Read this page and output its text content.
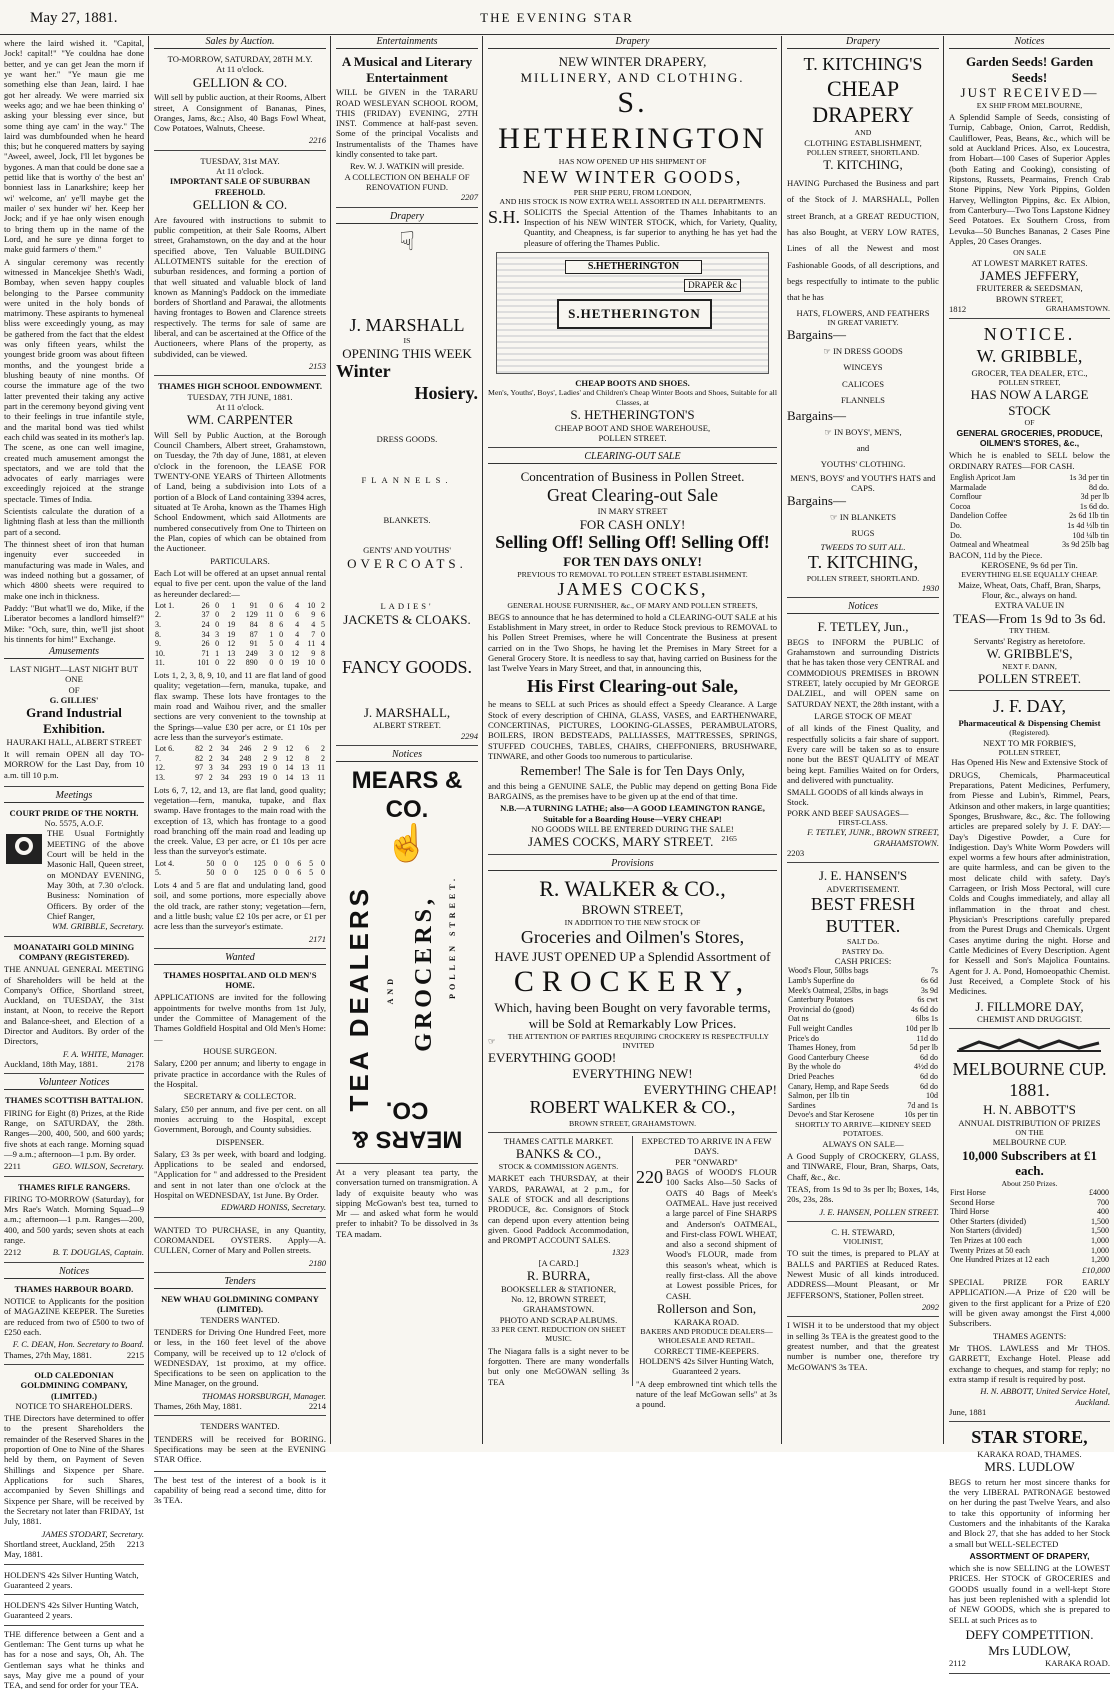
May 27, 1881.	THE EVENING STAR

where the laird wished it. "Capital, Jock! capital!" "Ye couldna hae done better, and ye can get Jean the morn if ye want her." "Ye maun gie me something else than Jean, laird. I hae got her already. We were married six weeks ago; and we hae been thinking o' asking your blessing ever since, but some thing aye cam' in the way." The laird was dumbfounded when he heard this; but he conquered matters by saying "Aweel, aweel, Jock, I'll let bygones be bygones. A man that could be done sae a pettid like that is worthy o' the best an' bonniest lass in Lanarkshire; keep her wi' welcome, an' ye'll maybe get the mailer o' sex hunder wi' her. Keep her Jock; and if ye hae only wisen enough to bring them up in the name of the Lord, and he sure ye dinna forget to make guid farmers o' them."

A singular ceremony was recently witnessed in Mancekjee Sheth's Wadi, Bombay, when seven happy couples belonging to the Parsee community were united in the holy bonds of matrimony. These aspirants to hymeneal bliss were exceedingly young, as may be gathered from the fact that the eldest was only fifteen years, whilst the youngest bride groom was about fifteen months, and the youngest bride a blushing beauty of nine months. Of course the immature age of the two latter prevented their taking any active part in the ceremony beyond giving vent to their feelings in true infantile style, and the marital bond was tied whilst each child was seated in its mother's lap. The scene, as one can well imagine, created much amusement amongst the spectators, and we are told that the advocates of early marriages were exceedingly rejoiced at the strange spectacle. Times of India.

Scientists calculate the duration of a lightning flash at less than the millionth part of a second.

The thinnest sheet of iron that human ingenuity ever succeeded in manufacturing was made in Wales, and was indeed nothing but a gossamer, of which 4800 sheets were required to make one inch in thickness.

Paddy: "But what'll we do, Mike, if the Liberator becomes a landlord himself?" Mike: "Och, sure, thin, we'll jist shoot his tinnents for him!" Exchange.

Amusements
LAST NIGHT—LAST NIGHT BUT ONE
OF
G. GILLIES'
Grand Industrial Exhibition.
HAURAKI HALL, ALBERT STREET
It will remain OPEN all day TO-MORROW for the Last Day, from 10 a.m. till 10 p.m.
Meetings
COURT PRIDE OF THE NORTH.
No. 5575, A.O.F.

THE Usual Fortnightly MEETING of the above Court will be held in the Masonic Hall, Queen street, on MONDAY EVENING, May 30th, at 7.30 o'clock. Business: Nomination of Officers. By order of the Chief Ranger,

WM. GRIBBLE, Secretary.
MOANATAIRI GOLD MINING COMPANY (REGISTERED).

THE ANNUAL GENERAL MEETING of Shareholders will be held at the Company's Office, Shortland street, Auckland, on TUESDAY, the 31st instant, at Noon, to receive the Report and Balance-sheet, and Election of a Director and Auditors. By order of the Directors,

F. A. WHITE, Manager.
Auckland, 18th May, 1881.	2178
Volunteer Notices
THAMES SCOTTISH BATTALION.

FIRING for Eight (8) Prizes, at the Ride Range, on SATURDAY, the 28th. Ranges—200, 400, 500, and 600 yards; five shots at each range. Morning squad—9 a.m.; afternoon—1 p.m. By order.

2211	GEO. WILSON, Secretary.
THAMES RIFLE RANGERS.

FIRING TO-MORROW (Saturday), for Mrs Rae's Watch. Morning Squad—9 a.m.; afternoon—1 p.m. Ranges—200, 400, and 500 yards; seven shots at each range.

2212	B. T. DOUGLAS, Captain.
Notices
THAMES HARBOUR BOARD.

NOTICE to Applicants for the position of MAGAZINE KEEPER. The Sureties are reduced from two of £500 to two of £250 each.

F. C. DEAN, Hon. Secretary to Board.
Thames, 27th May, 1881.	2215
OLD CALEDONIAN GOLDMINING COMPANY, (LIMITED.)
NOTICE TO SHAREHOLDERS.

THE Directors have determined to offer to the present Shareholders the remainder of the Reserved Shares in the proportion of One to Nine of the Shares held by them, on Payment of Seven Shillings and Sixpence per Share. Applications for such Shares, accompanied by Seven Shillings and Sixpence per Share, will be received by the Secretary not later than FRIDAY, 1st July, 1881.

JAMES STODART, Secretary.
Shortland street, Auckland, 25th May, 1881.
2213
HOLDEN'S 42s Silver Hunting Watch, Guaranteed 2 years.
HOLDEN'S 42s Silver Hunting Watch, Guaranteed 2 years.

THE difference between a Gent and a Gentleman: The Gent turns up what he has for a nose and says, Oh, Ah. The Gentleman says what he thinks and says, May give me a pound of your TEA, and send for order for your TEA.

Sales by Auction.
TO-MORROW, SATURDAY, 28TH M.Y.
At 11 o'clock.
GELLION & CO.

Will sell by public auction, at their Rooms, Albert street, A Consignment of Bananas, Pines, Oranges, Jams, &c.; Also, 40 Bags Fowl Wheat, Cow Potatoes, Walnuts, Cheese.

2216
TUESDAY, 31st MAY.
At 11 o'clock.
IMPORTANT SALE OF SUBURBAN FREEHOLD.
GELLION & CO.

Are favoured with instructions to submit to public competition, at their Sale Rooms, Albert street, Grahamstown, on the day and at the hour specified above, Ten Valuable BUILDING ALLOTMENTS suitable for the erection of suburban residences, and forming a portion of that well situated and valuable block of land known as Manning's Paddock on the immediate borders of Shortland and Parawai, the allotments having frontages to Bowen and Clarence streets respectively. The terms for sale of same are liberal, and can be ascertained at the Office of the Auctioneers, where Plans of the property, as subdivided, can be viewed.

2153
THAMES HIGH SCHOOL ENDOWMENT.
TUESDAY, 7TH JUNE, 1881.
At 11 o'clock.
WM. CARPENTER

Will Sell by Public Auction, at the Borough Council Chambers, Albert street, Grahamstown, on Tuesday, the 7th day of June, 1881, at eleven o'clock in the forenoon, the LEASE FOR TWENTY-ONE YEARS of Thirteen Allotments of Land, being a subdivision into Lots of a portion of a Block of Land containing 3394 acres, situated at Te Aroha, known as the Thames High School Endowment, which said Allotments are numbered consecutively from One to Thirteen on the Plan, copies of which can be obtained from the Auctioneer.

PARTICULARS.

Each Lot will be offered at an upset annual rental equal to five per cent. upon the value of the land as hereunder declared:—

Lot 1.	26	0	1	91	0	6	4	10	2
2.	37	0	2	129	11	0	6	9	6
3.	24	0	19	84	8	6	4	4	5
8.	34	3	19	87	1	0	4	7	0
9.	26	0	12	91	5	0	4	11	4
10.	71	1	13	249	3	0	12	9	8
11.	101	0	22	890	0	0	19	10	0

Lots 1, 2, 3, 8, 9, 10, and 11 are flat land of good quality; vegetation—fern, manuka, tupake, and flax swamp. These lots have frontages to the main road and Waihou river, and the smaller sections are very convenient to the township at the Springs—value £30 per acre, or £1 10s per acre less than the surveyor's estimate.

Lot 6.	82	2	34	246	2	9	12	6	2
7.	82	2	34	248	2	9	12	8	2
12.	97	3	34	293	19	0	14	13	11
13.	97	2	34	293	19	0	14	13	11

Lots 6, 7, 12, and 13, are flat land, good quality; vegetation—fern, manuka, tupake, and flax swamp. Have frontages to the main road with the exception of 13, which has frontage to a good road branching off the main road and leading up the creek. Value, £3 per acre, or £1 10s per acre less than the surveyor's estimate.

Lot 4.	50	0	0	125	0	0	6	5	0
5.	50	0	0	125	0	0	6	5	0

Lots 4 and 5 are flat and undulating land, good soil, and some portions, more especially above the old track, are rather stony; vegetation—fern, and a little bush; value £2 10s per acre, or £1 per acre less than the surveyor's estimate.

2171
Wanted
THAMES HOSPITAL AND OLD MEN'S HOME.

APPLICATIONS are invited for the following appointments for twelve months from 1st July, under the Committee of Management of the Thames Goldfield Hospital and Old Men's Home:—

HOUSE SURGEON.

Salary, £200 per annum; and liberty to engage in private practice in accordance with the Rules of the Hospital.

SECRETARY & COLLECTOR.

Salary, £50 per annum, and five per cent. on all monies accruing to the Hospital, except Government, Borough, and County subsidies.

DISPENSER.

Salary, £3 3s per week, with board and lodging. Applications to be sealed and endorsed, "Application for " and addressed to the President and sent in not later than one o'clock at the Hospital on WEDNESDAY, 1st June. By Order.

EDWARD HONISS, Secretary.

WANTED TO PURCHASE, in any Quantity, COROMANDEL OYSTERS. Apply—A. CULLEN, Corner of Mary and Pollen streets.

2180
Tenders
NEW WHAU GOLDMINING COMPANY (LIMITED).
TENDERS WANTED.

TENDERS for Driving One Hundred Feet, more or less, in the 160 feet level of the above Company, will be received up to 12 o'clock of WEDNESDAY, 1st proximo, at my office. Specifications to be seen on application to the Mine Manager, on the ground.

THOMAS HORSBURGH, Manager.
Thames, 26th May, 1881.	2214
TENDERS WANTED.

TENDERS will be received for BORING. Specifications may be seen at the EVENING STAR Office.

The best test of the interest of a book is it capability of being read a second time, ditto for 3s TEA.

Entertainments
A Musical and Literary Entertainment

WILL be GIVEN in the TARARU ROAD WESLEYAN SCHOOL ROOM, THIS (FRIDAY) EVENING, 27TH INST. Commence at half-past seven. Some of the principal Vocalists and Instrumentalists of the Thames have kindly consented to take part.

Rev. W. J. WATKIN will preside.
A COLLECTION ON BEHALF OF RENOVATION FUND.
2207
Drapery
☟
J. MARSHALL
IS
OPENING THIS WEEK
Winter
Hosiery.
DRESS GOODS.
FLANNELS.
BLANKETS.
GENTS' AND YOUTHS'
OVERCOATS.
LADIES'
JACKETS & CLOAKS.
FANCY GOODS.
J. MARSHALL,
ALBERT STREET.
2294
Notices
MEARS & CO.
☝
TEA DEALERS AND GROCERS, POLLEN STREET.
MEARS & CO.

At a very pleasant tea party, the conversation turned on transmigration. A lady of exquisite beauty who was sipping McGowan's best tea, turned to Mr — and asked what form he would prefer to inhabit? To be dissolved in 3s TEA madam.

Drapery
NEW WINTER DRAPERY,
MILLINERY, AND CLOTHING.
S. HETHERINGTON
HAS NOW OPENED UP HIS SHIPMENT OF
NEW WINTER GOODS,
PER SHIP PERU, FROM LONDON,
AND HIS STOCK IS NOW EXTRA WELL ASSORTED IN ALL DEPARTMENTS.
S.H. SOLICITS the Special Attention of the Thames Inhabitants to an Inspection of his NEW WINTER STOCK, which, for Variety, Quality, Quantity, and Cheapness, is far superior to anything he has yet had the pleasure of offering the Thames Public.
S.HETHERINGTON
DRAPER &c
S.HETHERINGTON
CHEAP BOOTS AND SHOES.
Men's, Youths', Boys', Ladies' and Children's Cheap Winter Boots and Shoes, Suitable for all Classes, at
S. HETHERINGTON'S
CHEAP BOOT AND SHOE WAREHOUSE,
POLLEN STREET.
CLEARING-OUT SALE
Concentration of Business in Pollen Street.
Great Clearing-out Sale
IN MARY STREET
FOR CASH ONLY!
Selling Off! Selling Off! Selling Off!
FOR TEN DAYS ONLY!
PREVIOUS TO REMOVAL TO POLLEN STREET ESTABLISHMENT.
JAMES COCKS,
GENERAL HOUSE FURNISHER, &c., OF MARY AND POLLEN STREETS,

BEGS to announce that he has determined to hold a CLEARING-OUT SALE at his Establishment in Mary street, in order to Reduce Stock previous to REMOVAL to his Pollen Street Premises, where he will Concentrate the Business at present carried on in the Two Shops, he having let the Premises in Mary Street for a General Grocery Store. It is needless to say that, having carried on Business for the last Twelve Years in Mary Street, and that, in announcing this,

His First Clearing-out Sale,

he means to SELL at such Prices as should effect a Speedy Clearance. A Large Stock of every description of CHINA, GLASS, VASES, and EARTHENWARE, CONCERTINAS, PICTURES, LOOKING-GLASSES, PERAMBULATORS, BOILERS, IRON BEDSTEADS, PALLIASSES, MATTRESSES, SPRINGS, STUFFED COUCHES, TABLES, CHAIRS, CHEFFONIERS, BRUSHWARE, TINWARE, and other Goods too numerous to particularise.

Remember! The Sale is for Ten Days Only,

and this being a GENUINE SALE, the Public may depend on getting Bona Fide BARGAINS, as the premises have to be given up at the end of that time.

N.B.—A TURNING LATHE; also—A GOOD LEAMINGTON RANGE, Suitable for a Boarding House—VERY CHEAP!
NO GOODS WILL BE ENTERED DURING THE SALE!
JAMES COCKS, MARY STREET. 2165
Provisions
R. WALKER & CO.,
BROWN STREET,
IN ADDITION TO THE NEW STOCK OF
Groceries and Oilmen's Stores,
HAVE JUST OPENED UP a Splendid Assortment of
CROCKERY,
Which, having been Bought on very favorable terms, will be Sold at Remarkably Low Prices.
☞	THE ATTENTION OF PARTIES REQUIRING CROCKERY IS RESPECTFULLY INVITED
EVERYTHING GOOD!
EVERYTHING NEW!
EVERYTHING CHEAP!
ROBERT WALKER & CO.,
BROWN STREET, GRAHAMSTOWN.
THAMES CATTLE MARKET.
BANKS & CO.,
STOCK & COMMISSION AGENTS.

MARKET each THURSDAY, at their YARDS, PARAWAI, at 2 p.m., for SALE of STOCK and all descriptions PRODUCE, &c. Consignors of Stock can depend upon every attention being given. Good Paddock Accommodation, and PROMPT ACCOUNT SALES.

1323
[A CARD.]
R. BURRA,
BOOKSELLER & STATIONER,
No. 12, BROWN STREET, GRAHAMSTOWN.
PHOTO AND SCRAP ALBUMS.
33 PER CENT. REDUCTION ON SHEET MUSIC.

The Niagara falls is a sight never to be forgotten. There are many wonderfalls but only one McGOWAN selling 3s TEA

EXPECTED TO ARRIVE IN A FEW DAYS.
PER "ONWARD"
220 BAGS of WOOD'S FLOUR 100 Sacks Also—50 Sacks of OATS 40 Bags of Meek's OATMEAL. Have just received a large parcel of Fine SHARPS and Anderson's OATMEAL, and First-class FOWL WHEAT, and also a second shipment of Wood's FLOUR, made from this season's wheat, which is really first-class. All the above at Lowest possible Prices, for CASH.

Rollerson and Son,
KARAKA ROAD.
BAKERS AND PRODUCE DEALERS—WHOLESALE AND RETAIL.
CORRECT TIME-KEEPERS.
HOLDEN'S 42s Silver Hunting Watch, Guaranteed 2 years.

"A deep embrowned tint which tells the nature of the leaf McGowan sells" at 3s a pound.

Drapery
T. KITCHING'S
CHEAP DRAPERY
AND
CLOTHING ESTABLISHMENT,
POLLEN STREET, SHORTLAND.
T. KITCHING,

HAVING Purchased the Business and part of the Stock of J. MARSHALL, Pollen street Branch, at a GREAT REDUCTION, has also Bought, at VERY LOW RATES, Lines of all the Newest and most Fashionable Goods, of all descriptions, and begs respectfully to intimate to the public that he has

HATS, FLOWERS, AND FEATHERS
IN GREAT VARIETY.
Bargains—
☞ IN DRESS GOODS
WINCEYS
CALICOES
FLANNELS
Bargains—
☞ IN BOYS', MEN'S,
and
YOUTHS' CLOTHING.
MEN'S, BOYS' and YOUTH'S HATS and CAPS.
Bargains—
☞ IN BLANKETS
RUGS
TWEEDS TO SUIT ALL.
T. KITCHING,
POLLEN STREET, SHORTLAND.
1930
Notices
F. TETLEY, Jun.,

BEGS to INFORM the PUBLIC of Grahamstown and surrounding Districts that he has taken those very CENTRAL and COMMODIOUS PREMISES in BROWN STREET, lately occupied by Mr GEORGE DALZIEL, and will OPEN same on SATURDAY NEXT, the 28th instant, with a

LARGE STOCK OF MEAT

of all kinds of the Finest Quality, and respectfully solicits a fair share of support. Every care will be taken so as to ensure none but the BEST QUALITY of MEAT being kept. Families Waited on for Orders, and delivered with punctuality.

SMALL GOODS of all kinds always in Stock.
PORK AND BEEF SAUSAGES—
FIRST-CLASS.
F. TETLEY, JUNR., BROWN STREET, GRAHAMSTOWN.
2203
J. E. HANSEN'S
ADVERTISEMENT.
BEST FRESH BUTTER.
SALT Do.
PASTRY Do.
CASH PRICES:
Wood's Flour, 50lbs bags	7s
Lamb's Superfine do	6s 6d
Meek's Oatmeal, 25lbs, in bags	3s 9d
Canterbury Potatoes	6s cwt
Provincial do (good)	4s 6d do
Oat ns	6lbs 1s
Full weight Candles	10d per lb
Price's do	11d do
Thames Honey, from	5d per lb
Good Canterbury Cheese	6d do
By the whole do	4½d do
Dried Peaches	6d do
Canary, Hemp, and Rape Seeds	6d do
Salmon, per 1lb tin	10d
Sardines	7d and 1s
Devoe's and Star Kerosene	10s per tin
SHORTLY TO ARRIVE—KIDNEY SEED POTATOES.
ALWAYS ON SALE—

A Good Supply of CROCKERY, GLASS, and TINWARE, Flour, Bran, Sharps, Oats, Chaff, &c., &c.

TEAS, from 1s 9d to 3s per lb; Boxes, 14s, 20s, 23s, 28s.

J. E. HANSEN, POLLEN STREET.
C. H. STEWARD,
VIOLINIST,

TO suit the times, is prepared to PLAY at BALLS and PARTIES at Reduced Rates. Newest Music of all kinds introduced. ADDRESS—Mount Pleasant, or Mr JEFFERSON'S, Stationer, Pollen street.

2092

I WISH it to be understood that my object in selling 3s TEA is the greatest good to the greatest number, and that the greatest number is number one, therefore try McGOWAN'S 3s TEA.

Notices
Garden Seeds! Garden Seeds!
JUST RECEIVED—
EX SHIP FROM MELBOURNE,

A Splendid Sample of Seeds, consisting of Turnip, Cabbage, Onion, Carrot, Reddish, Cauliflower, Peas, Beans, &c., which will be sold at Auckland Prices. Also, ex Loucestra, from Hobart—100 Cases of Superior Apples (both Eating and Cooking), consisting of Ripstons, Russets, Pearmains, French Crab Stone Pippins, New York Pippins, Golden Harvey, Wellington Pippins, &c. Ex Albion, from Canterbury—Two Tons Lapstone Kidney Seed Potatoes. Ex Southern Cross, from Levuka—50 Bunches Bananas, 2 Cases Pine Apples, 20 Cases Oranges.

ON SALE
AT LOWEST MARKET RATES.
JAMES JEFFERY,
FRUITERER & SEEDSMAN,
BROWN STREET,
1812	GRAHAMSTOWN.
NOTICE.
W. GRIBBLE,
GROCER, TEA DEALER, ETC.,
POLLEN STREET,
HAS NOW A LARGE STOCK
OF
GENERAL GROCERIES, PRODUCE, OILMEN'S STORES, &c.,

Which he is enabled to SELL below the ORDINARY RATES—FOR CASH.

English Apricot Jam	1s 3d per tin
Marmalade	8d do.
Cornflour	3d per lb
Cocoa	1s 6d do.
Dandelion Coffee	2s 6d 1lb tin
Do.	1s 4d ½lb tin
Do.	10d ¼lb tin
Oatmeal and Wheatmeal	3s 9d 25lb bag
BACON, 11d by the Piece.
KEROSENE, 9s 6d per Tin.
EVERYTHING ELSE EQUALLY CHEAP.
Maize, Wheat, Oats, Chaff, Bran, Sharps, Flour, &c., always on hand.
EXTRA VALUE IN
TEAS—From 1s 9d to 3s 6d.
TRY THEM.
Servants' Registry as heretofore.
W. GRIBBLE'S,
NEXT F. DANN,
POLLEN STREET.
J. F. DAY,
Pharmaceutical & Dispensing Chemist
(Registered).
NEXT TO MR FORBIE'S,
POLLEN STREET,
Has Opened His New and Extensive Stock of

DRUGS, Chemicals, Pharmaceutical Preparations, Patent Medicines, Perfumery, from Piesse and Lubin's, Rimmel, Pears, Atkinson and other makers, in large quantities; Sponges, Brushware, &c., &c. The following articles are prepared solely by J. F. DAY:— Day's Digestive Powder, a Cure for Indigestion. Day's White Worm Powders will expel worms a few hours after administration, are quite harmless, and can be given to the most delicate child with safety. Day's Carrageen, or Irish Moss Pectoral, will cure Colds and Coughs immediately, and allay all inflammation in the throat and chest. Physician's Prescriptions carefully prepared from the Purest Drugs and Chemicals. Urgent Cases anytime during the night. Horse and Cattle Medicines of Every Description. Agent for Kessell and Son's Majolica Fountains. Agent for J. A. Pond, Homoeopathic Chemist. Just Received, a Complete Stock of his Medicines.

J. FILLMORE DAY,
CHEMIST AND DRUGGIST.
MELBOURNE CUP. 1881.
H. N. ABBOTT'S
ANNUAL DISTRIBUTION OF PRIZES
ON THE
MELBOURNE CUP.
10,000 Subscribers at £1 each.
About 250 Prizes.
First Horse	£4000
Second Horse	700
Third Horse	400
Other Starters (divided)	1,500
Non Starters (divided)	1,500
Ten Prizes at 100 each	1,000
Twenty Prizes at 50 each	1,000
One Hundred Prizes at 12 each	1,200
£10,000

SPECIAL PRIZE FOR EARLY APPLICATION.—A Prize of £20 will be given to the first applicant for a Prize of £20 will be given away amongst the First 4,000 Subscribers.

THAMES AGENTS:

Mr THOS. LAWLESS and Mr THOS. GARRETT, Exchange Hotel. Please add exchange to cheques, and stamp for reply; no extra stamp if result is required by post.

H. N. ABBOTT, United Service Hotel, Auckland.
June, 1881
STAR STORE,
KARAKA ROAD, THAMES.
MRS. LUDLOW

BEGS to return her most sincere thanks for the very LIBERAL PATRONAGE bestowed on her during the past Twelve Years, and also to take this opportunity of informing her Customers and the inhabitants of the Karaka and Block 27, that she has added to her Stock a small but WELL-SELECTED

ASSORTMENT OF DRAPERY,

which she is now SELLING at the LOWEST PRICES. Her STOCK of GROCERIES and GOODS usually found in a well-kept Store has just been replenished with a splendid lot of NEW GOODS, which she is prepared to SELL at such Prices as to

DEFY COMPETITION.
Mrs LUDLOW,
2112	KARAKA ROAD.
